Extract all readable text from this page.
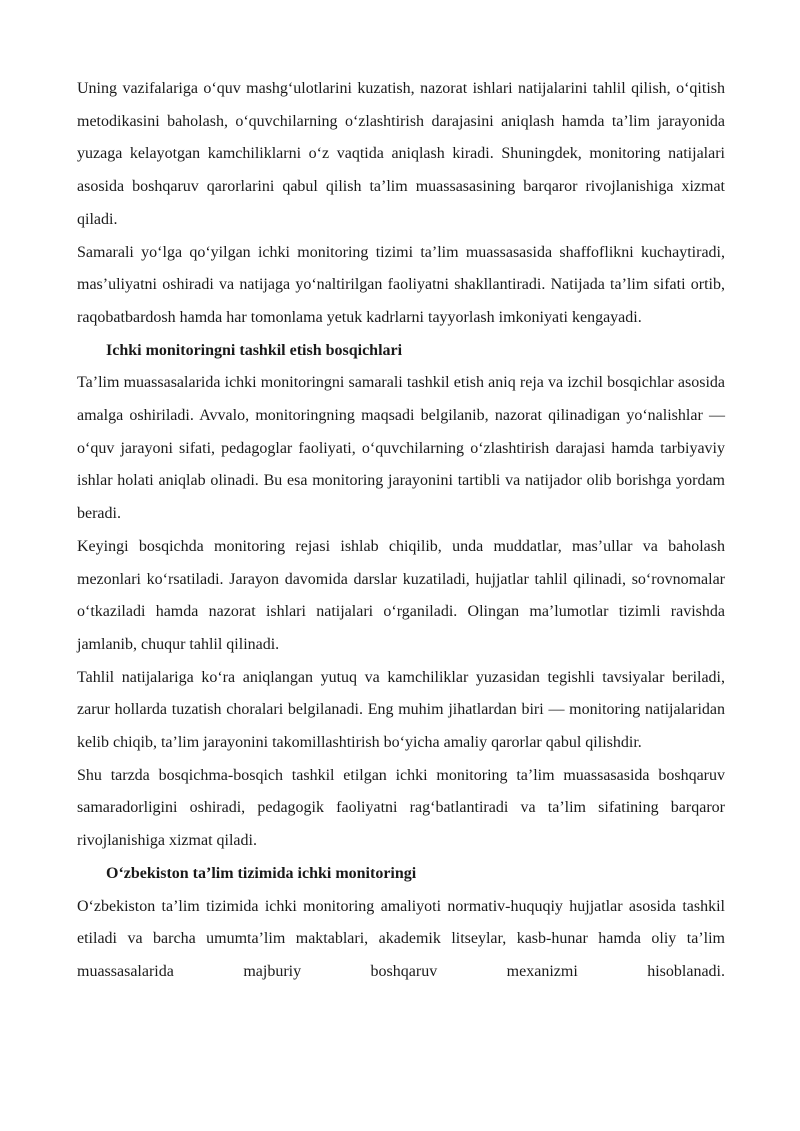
Uning vazifalariga o‘quv mashg‘ulotlarini kuzatish, nazorat ishlari natijalarini tahlil qilish, o‘qitish metodikasini baholash, o‘quvchilarning o‘zlashtirish darajasini aniqlash hamda ta’lim jarayonida yuzaga kelayotgan kamchiliklarni o‘z vaqtida aniqlash kiradi. Shuningdek, monitoring natijalari asosida boshqaruv qarorlarini qabul qilish ta’lim muassasasining barqaror rivojlanishiga xizmat qiladi.

Samarali yo‘lga qo‘yilgan ichki monitoring tizimi ta’lim muassasasida shaffoflikni kuchaytiradi, mas’uliyatni oshiradi va natijaga yo‘naltirilgan faoliyatni shakllantiradi. Natijada ta’lim sifati ortib, raqobatbardosh hamda har tomonlama yetuk kadrlarni tayyorlash imkoniyati kengayadi.

Ichki monitoringni tashkil etish bosqichlari

Ta’lim muassasalarida ichki monitoringni samarali tashkil etish aniq reja va izchil bosqichlar asosida amalga oshiriladi. Avvalo, monitoringning maqsadi belgilanib, nazorat qilinadigan yo‘nalishlar — o‘quv jarayoni sifati, pedagoglar faoliyati, o‘quvchilarning o‘zlashtirish darajasi hamda tarbiyaviy ishlar holati aniqlab olinadi. Bu esa monitoring jarayonini tartibli va natijador olib borishga yordam beradi.

Keyingi bosqichda monitoring rejasi ishlab chiqilib, unda muddatlar, mas’ullar va baholash mezonlari ko‘rsatiladi. Jarayon davomida darslar kuzatiladi, hujjatlar tahlil qilinadi, so‘rovnomalar o‘tkaziladi hamda nazorat ishlari natijalari o‘rganiladi. Olingan ma’lumotlar tizimli ravishda jamlanib, chuqur tahlil qilinadi.

Tahlil natijalariga ko‘ra aniqlangan yutuq va kamchiliklar yuzasidan tegishli tavsiyalar beriladi, zarur hollarda tuzatish choralari belgilanadi. Eng muhim jihatlardan biri — monitoring natijalaridan kelib chiqib, ta’lim jarayonini takomillashtirish bo‘yicha amaliy qarorlar qabul qilishdir.

Shu tarzda bosqichma-bosqich tashkil etilgan ichki monitoring ta’lim muassasasida boshqaruv samaradorligini oshiradi, pedagogik faoliyatni rag‘batlantiradi va ta’lim sifatining barqaror rivojlanishiga xizmat qiladi.

O‘zbekiston ta’lim tizimida ichki monitoringi

O‘zbekiston ta’lim tizimida ichki monitoring amaliyoti normativ-huquqiy hujjatlar asosida tashkil etiladi va barcha umumta’lim maktablari, akademik litseylar, kasb-hunar hamda oliy ta’lim muassasalarida majburiy boshqaruv mexanizmi hisoblanadi.
